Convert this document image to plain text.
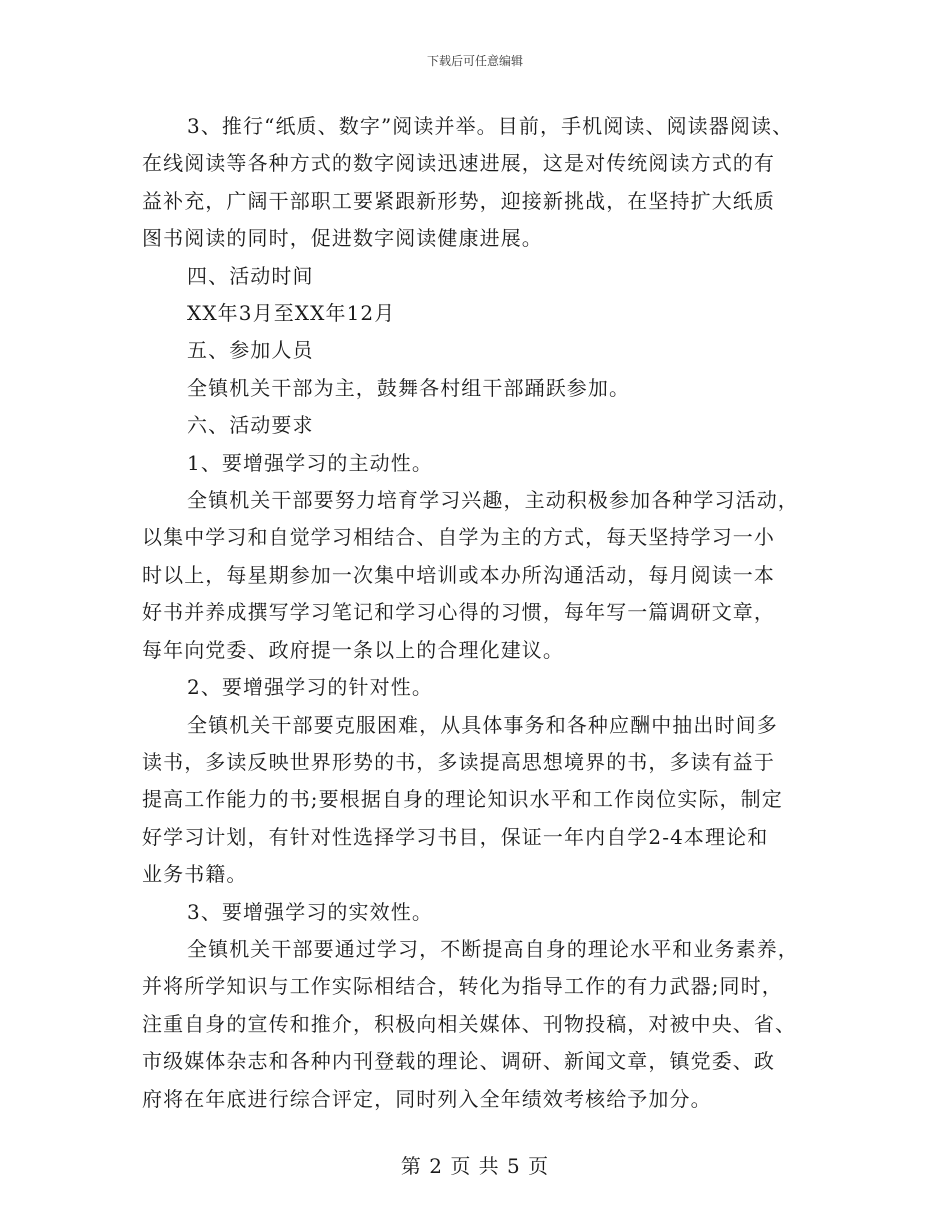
下载后可任意编辑

3、推行“纸质、数字”阅读并举。目前，手机阅读、阅读器阅读、

在线阅读等各种方式的数字阅读迅速进展，这是对传统阅读方式的有

益补充，广阔干部职工要紧跟新形势，迎接新挑战，在坚持扩大纸质

图书阅读的同时，促进数字阅读健康进展。

四、活动时间

XX年3月至XX年12月

五、参加人员

全镇机关干部为主，鼓舞各村组干部踊跃参加。

六、活动要求

1、要增强学习的主动性。

全镇机关干部要努力培育学习兴趣，主动积极参加各种学习活动，

以集中学习和自觉学习相结合、自学为主的方式，每天坚持学习一小

时以上，每星期参加一次集中培训或本办所沟通活动，每月阅读一本

好书并养成撰写学习笔记和学习心得的习惯，每年写一篇调研文章，

每年向党委、政府提一条以上的合理化建议。

2、要增强学习的针对性。

全镇机关干部要克服困难，从具体事务和各种应酬中抽出时间多

读书，多读反映世界形势的书，多读提高思想境界的书，多读有益于

提高工作能力的书;要根据自身的理论知识水平和工作岗位实际，制定

好学习计划，有针对性选择学习书目，保证一年内自学2-4本理论和

业务书籍。

3、要增强学习的实效性。

全镇机关干部要通过学习，不断提高自身的理论水平和业务素养，

并将所学知识与工作实际相结合，转化为指导工作的有力武器;同时，

注重自身的宣传和推介，积极向相关媒体、刊物投稿，对被中央、省、

市级媒体杂志和各种内刊登载的理论、调研、新闻文章，镇党委、政

府将在年底进行综合评定，同时列入全年绩效考核给予加分。

第 2 页 共 5 页
